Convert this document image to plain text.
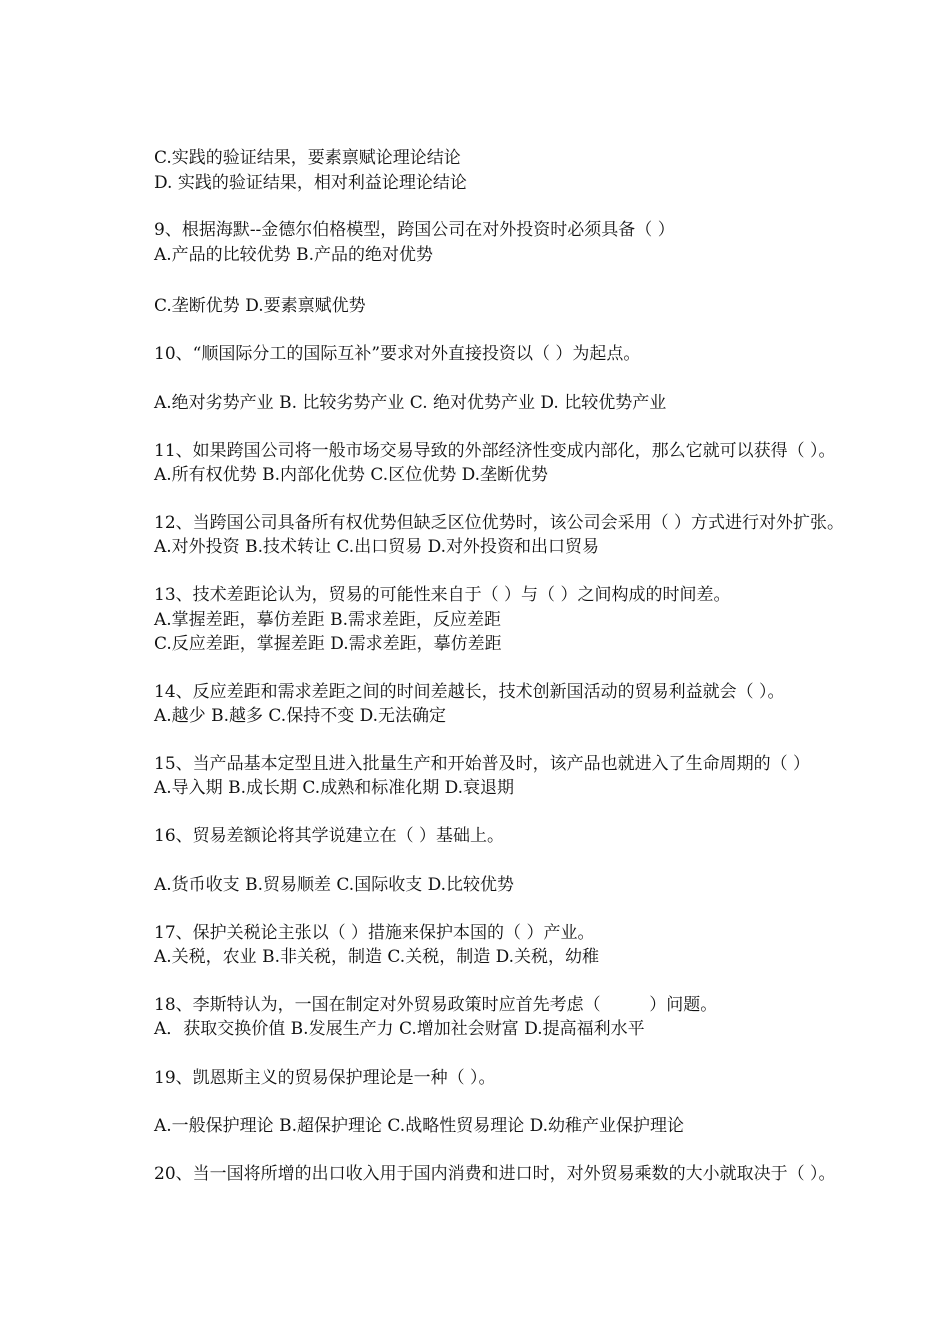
C.实践的验证结果，要素禀赋论理论结论
D. 实践的验证结果，相对利益论理论结论
9、根据海默--金德尔伯格模型，跨国公司在对外投资时必须具备（ ）
A.产品的比较优势 B.产品的绝对优势
C.垄断优势 D.要素禀赋优势
10、“顺国际分工的国际互补”要求对外直接投资以（ ）为起点。
A.绝对劣势产业 B. 比较劣势产业 C. 绝对优势产业 D. 比较优势产业
11、如果跨国公司将一般市场交易导致的外部经济性变成内部化，那么它就可以获得（ ）。
A.所有权优势 B.内部化优势 C.区位优势 D.垄断优势
12、当跨国公司具备所有权优势但缺乏区位优势时，该公司会采用（ ）方式进行对外扩张。
A.对外投资 B.技术转让 C.出口贸易 D.对外投资和出口贸易
13、技术差距论认为，贸易的可能性来自于（ ）与（ ）之间构成的时间差。
A.掌握差距，摹仿差距 B.需求差距，反应差距
C.反应差距，掌握差距 D.需求差距，摹仿差距
14、反应差距和需求差距之间的时间差越长，技术创新国活动的贸易利益就会（ ）。
A.越少 B.越多 C.保持不变 D.无法确定
15、当产品基本定型且进入批量生产和开始普及时，该产品也就进入了生命周期的（ ）
A.导入期 B.成长期 C.成熟和标准化期 D.衰退期
16、贸易差额论将其学说建立在（ ）基础上。
A.货币收支 B.贸易顺差 C.国际收支 D.比较优势
17、保护关税论主张以（ ）措施来保护本国的（ ）产业。
A.关税，农业 B.非关税，制造 C.关税，制造 D.关税，幼稚
18、李斯特认为，一国在制定对外贸易政策时应首先考虑（         ）问题。
A．获取交换价值 B.发展生产力 C.增加社会财富 D.提高福利水平
19、凯恩斯主义的贸易保护理论是一种（ ）。
A.一般保护理论 B.超保护理论 C.战略性贸易理论 D.幼稚产业保护理论
20、当一国将所增的出口收入用于国内消费和进口时，对外贸易乘数的大小就取决于（ ）。
